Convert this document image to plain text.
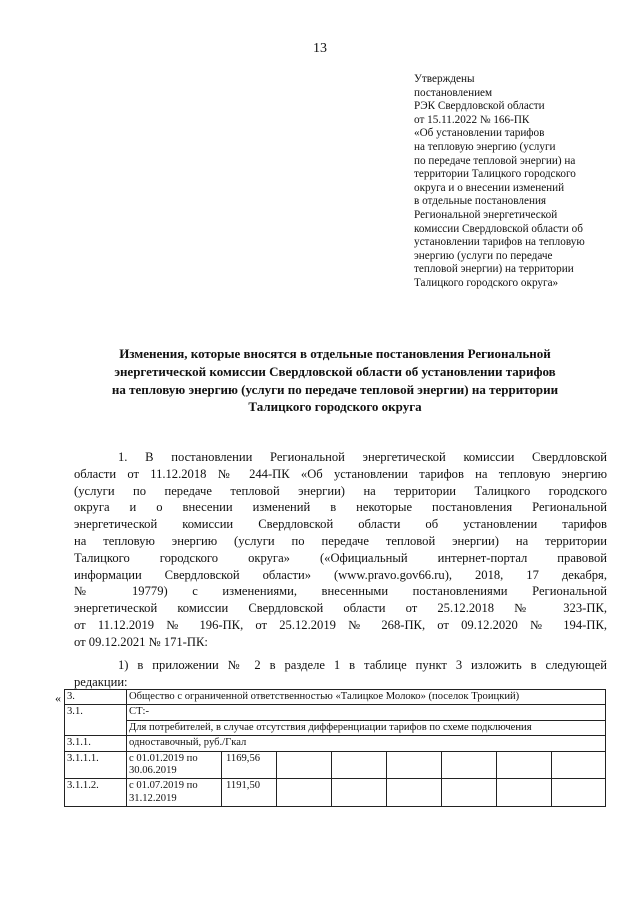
13
Утверждены
постановлением
РЭК Свердловской области
от 15.11.2022 № 166-ПК
«Об установлении тарифов
на тепловую энергию (услуги
по передаче тепловой энергии) на
территории Талицкого городского
округа и о внесении изменений
в отдельные постановления
Региональной энергетической
комиссии Свердловской области об
установлении тарифов на тепловую
энергию (услуги по передаче
тепловой энергии) на территории
Талицкого городского округа»
Изменения, которые вносятся в отдельные постановления Региональной
энергетической комиссии Свердловской области об установлении тарифов
на тепловую энергию (услуги по передаче тепловой энергии) на территории
Талицкого городского округа
1. В постановлении Региональной энергетической комиссии Свердловской
области от 11.12.2018 № 244-ПК «Об установлении тарифов на тепловую энергию
(услуги по передаче тепловой энергии) на территории Талицкого городского
округа и о внесении изменений в некоторые постановления Региональной
энергетической комиссии Свердловской области об установлении тарифов
на тепловую энергию (услуги по передаче тепловой энергии) на территории
Талицкого городского округа» («Официальный интернет-портал правовой
информации Свердловской области» (www.pravo.gov66.ru), 2018, 17 декабря,
№ 19779) с изменениями, внесенными постановлениями Региональной
энергетической комиссии Свердловской области от 25.12.2018 № 323-ПК,
от 11.12.2019 № 196-ПК, от 25.12.2019 № 268-ПК, от 09.12.2020 № 194-ПК,
от 09.12.2021 № 171-ПК:
1) в приложении № 2 в разделе 1 в таблице пункт 3 изложить в следующей
редакции:
« 3.	Общество с ограниченной ответственностью «Талицкое Молоко» (поселок Троицкий)							
3.1.	СТ:-							
	Для потребителей, в случае отсутствия дифференциации тарифов по схеме подключения							
3.1.1.	одноставочный, руб./Гкал							
3.1.1.1.	с 01.01.2019 по 30.06.2019	1169,56						
3.1.1.2.	с 01.07.2019 по 31.12.2019	1191,50						
